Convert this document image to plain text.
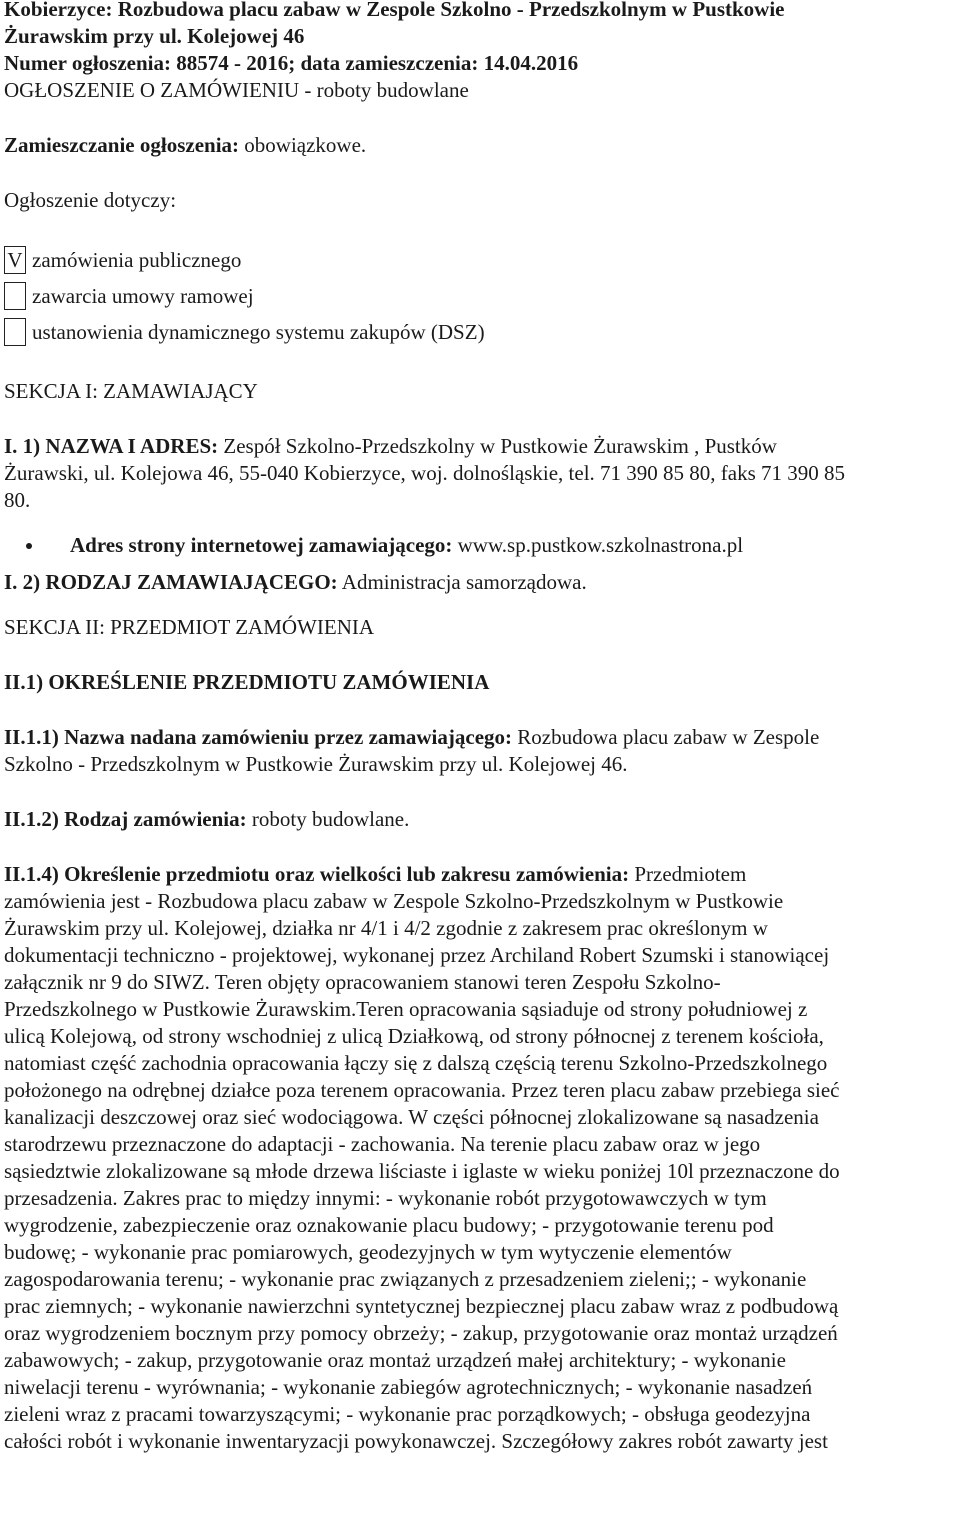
Kobierzyce: Rozbudowa placu zabaw w Zespole Szkolno - Przedszkolnym w Pustkowie
Żurawskim przy ul. Kolejowej 46
Numer ogłoszenia: 88574 - 2016; data zamieszczenia: 14.04.2016
OGŁOSZENIE O ZAMÓWIENIU - roboty budowlane
Zamieszczanie ogłoszenia: obowiązkowe.
Ogłoszenie dotyczy:
V zamówienia publicznego
zawarcia umowy ramowej
ustanowienia dynamicznego systemu zakupów (DSZ)
SEKCJA I: ZAMAWIAJĄCY
I. 1) NAZWA I ADRES: Zespół Szkolno-Przedszkolny w Pustkowie Żurawskim , Pustków
Żurawski, ul. Kolejowa 46, 55-040 Kobierzyce, woj. dolnośląskie, tel. 71 390 85 80, faks 71 390 85
80.
Adres strony internetowej zamawiającego: www.sp.pustkow.szkolnastrona.pl
I. 2) RODZAJ ZAMAWIAJĄCEGO: Administracja samorządowa.
SEKCJA II: PRZEDMIOT ZAMÓWIENIA
II.1) OKREŚLENIE PRZEDMIOTU ZAMÓWIENIA
II.1.1) Nazwa nadana zamówieniu przez zamawiającego: Rozbudowa placu zabaw w Zespole
Szkolno - Przedszkolnym w Pustkowie Żurawskim przy ul. Kolejowej 46.
II.1.2) Rodzaj zamówienia: roboty budowlane.
II.1.4) Określenie przedmiotu oraz wielkości lub zakresu zamówienia: Przedmiotem
zamówienia jest - Rozbudowa placu zabaw w Zespole Szkolno-Przedszkolnym w Pustkowie
Żurawskim przy ul. Kolejowej, działka nr 4/1 i 4/2 zgodnie z zakresem prac określonym w
dokumentacji techniczno - projektowej, wykonanej przez Archiland Robert Szumski i stanowiącej
załącznik nr 9 do SIWZ. Teren objęty opracowaniem stanowi teren Zespołu Szkolno-
Przedszkolnego w Pustkowie Żurawskim.Teren opracowania sąsiaduje od strony południowej z
ulicą Kolejową, od strony wschodniej z ulicą Działkową, od strony północnej z terenem kościoła,
natomiast część zachodnia opracowania łączy się z dalszą częścią terenu Szkolno-Przedszkolnego
położonego na odrębnej działce poza terenem opracowania. Przez teren placu zabaw przebiega sieć
kanalizacji deszczowej oraz sieć wodociągowa. W części północnej zlokalizowane są nasadzenia
starodrzewu przeznaczone do adaptacji - zachowania. Na terenie placu zabaw oraz w jego
sąsiedztwie zlokalizowane są młode drzewa liściaste i iglaste w wieku poniżej 10l przeznaczone do
przesadzenia. Zakres prac to między innymi: - wykonanie robót przygotowawczych w tym
wygrodzenie, zabezpieczenie oraz oznakowanie placu budowy; - przygotowanie terenu pod
budowę; - wykonanie prac pomiarowych, geodezyjnych w tym wytyczenie elementów
zagospodarowania terenu; - wykonanie prac związanych z przesadzeniem zieleni;; - wykonanie
prac ziemnych; - wykonanie nawierzchni syntetycznej bezpiecznej placu zabaw wraz z podbudową
oraz wygrodzeniem bocznym przy pomocy obrzeży; - zakup, przygotowanie oraz montaż urządzeń
zabawowych; - zakup, przygotowanie oraz montaż urządzeń małej architektury; - wykonanie
niwelacji terenu - wyrównania; - wykonanie zabiegów agrotechnicznych; - wykonanie nasadzeń
zieleni wraz z pracami towarzyszącymi; - wykonanie prac porządkowych; - obsługa geodezyjna
całości robót i wykonanie inwentaryzacji powykonawczej. Szczegółowy zakres robót zawarty jest
